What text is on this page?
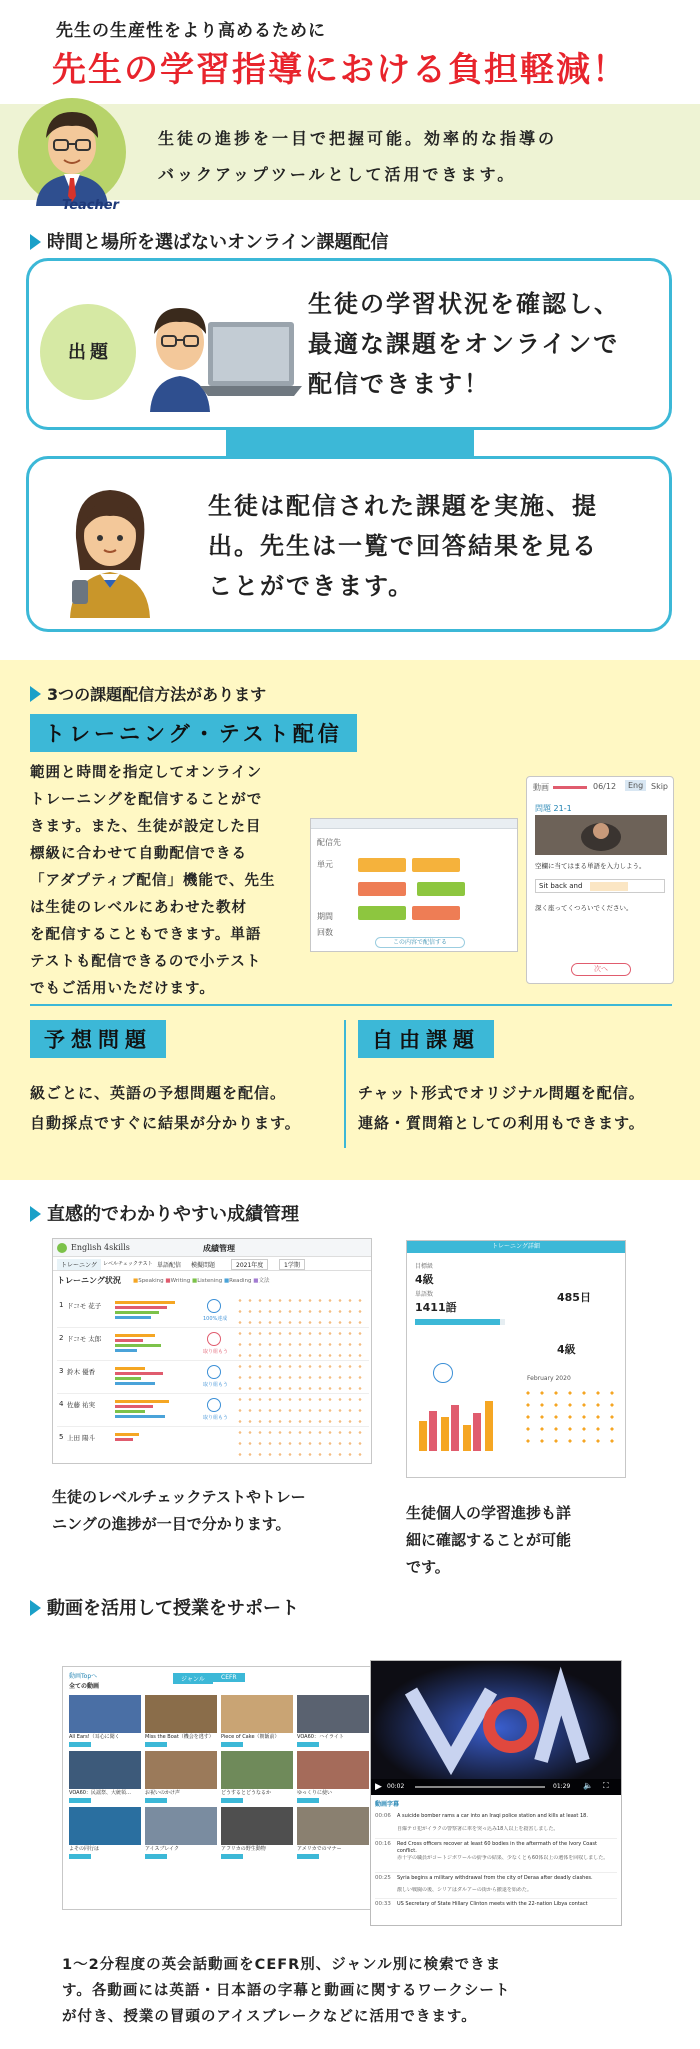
先生の生産性をより高めるために
先生の学習指導における負担軽減！
Teacher
生徒の進捗を一目で把握可能。効率的な指導の
バックアップツールとして活用できます。
時間と場所を選ばないオンライン課題配信
出題
生徒の学習状況を確認し、
最適な課題をオンラインで
配信できます！
生徒は配信された課題を実施、提
出。先生は一覧で回答結果を見る
ことができます。
3つの課題配信方法があります
トレーニング・テスト配信
範囲と時間を指定してオンライン
トレーニングを配信することがで
きます。また、生徒が設定した目
標級に合わせて自動配信できる
「アダプティブ配信」機能で、先生
は生徒のレベルにあわせた教材
を配信することもできます。単語
テストも配信できるので小テスト
でもご活用いただけます。
配信先
単元

期間
回数
この内容で配信する
動画	06/12	Eng Skip
問題 21-1
空欄に当てはまる単語を入力しよう。
Sit back and
深く座ってくつろいでください。
次へ
予想問題
級ごとに、英語の予想問題を配信。
自動採点ですぐに結果が分かります。
自由課題
チャット形式でオリジナル問題を配信。
連絡・質問箱としての利用もできます。
直感的でわかりやすい成績管理
English 4skills	成績管理
トレーニング	レベルチェックテスト 単語配信	模擬問題	2021年度	1学期
トレーニング状況 ■Speaking ■Writing ■Listening ■Reading ■文法
1 ドコモ 花子
100%達成
2 ドコモ 太郎
取り組もう
3 鈴木 優香
取り組もう
4 佐藤 祐実
取り組もう
5 上田 陽斗
トレーニング詳細
目標級
4級
単語数
1411語
485日
4級
February 2020
生徒のレベルチェックテストやトレー
ニングの進捗が一目で分かります。
生徒個人の学習進捗も詳
細に確認することが可能
です。
動画を活用して授業をサポート
動画Topへ
全ての動画
ジャンル	CEFR
All Ears!（耳心に聞く	Miss the Boat（機会を逃す）	Piece of Cake（朝飯前）	VOA60：ハイライト
VOA60：民謡祭、大統領…	お祝いのかけ声	どうするとどうなるか	ゆっくりに使い
よその同行は	アイスブレイク	アフリカの野生動物	アメリカでのマナー
▶ 00:02	01:29 🔈 ⛶
動画字幕
00:06 A suicide bomber rams a car into an Iraqi police station and kills at least 18.
自爆テロ犯がイラクの警察署に車を突っ込み18人以上を殺害しました。
00:16 Red Cross officers recover at least 60 bodies in the aftermath of the Ivory Coast conflict.
赤十字の職員がコートジボワールの紛争の結果、少なくとも60体以上の遺体を回収しました。
00:25 Syria begins a military withdrawal from the city of Deraa after deadly clashes.
激しい戦闘の後、シリアはダルアーの街から撤退を始めた。
00:33 US Secretary of State Hillary Clinton meets with the 22-nation Libya contact
1〜2分程度の英会話動画をCEFR別、ジャンル別に検索できま
す。各動画には英語・日本語の字幕と動画に関するワークシート
が付き、授業の冒頭のアイスブレークなどに活用できます。
